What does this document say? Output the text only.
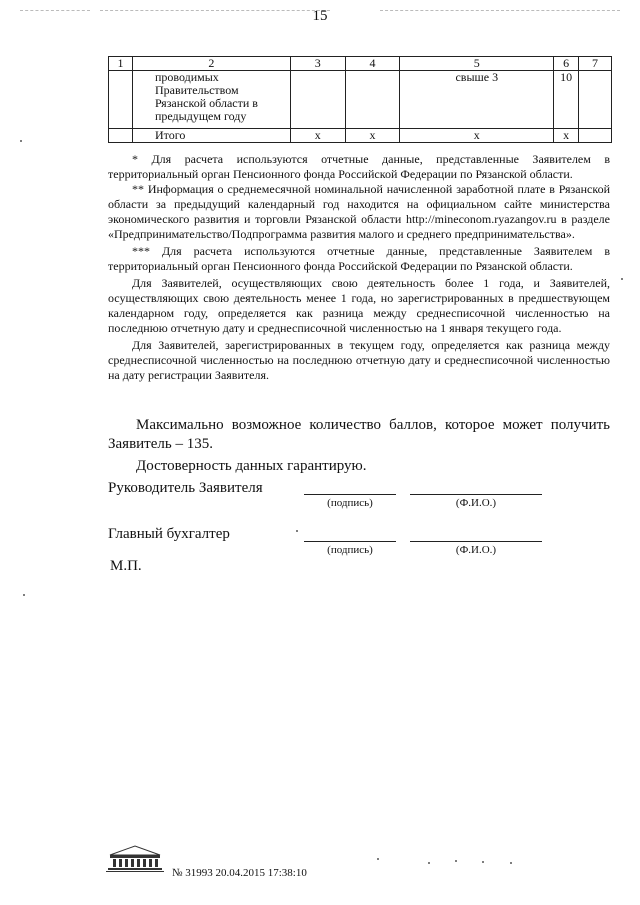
15
1	2	3	4	5	6	7
	проводимых Правительством Рязанской области в предыдущем году			свыше 3	10	
	Итого	х	х	х	х	

* Для расчета используются отчетные данные, представленные Заявителем в территориальный орган Пенсионного фонда Российской Федерации по Рязанской области.

** Информация о среднемесячной номинальной начисленной заработной плате в Рязанской области за предыдущий календарный год находится на официальном сайте министерства экономического развития и торговли Рязанской области http://mineconom.ryazangov.ru в разделе «Предпринимательство/Подпрограмма развития малого и среднего предпринимательства».

*** Для расчета используются отчетные данные, представленные Заявителем в территориальный орган Пенсионного фонда Российской Федерации по Рязанской области.

Для Заявителей, осуществляющих свою деятельность более 1 года, и Заявителей, осуществляющих свою деятельность менее 1 года, но зарегистрированных в предшествующем календарном году, определяется как разница между среднесписочной численностью на последнюю отчетную дату и среднесписочной численностью на 1 января текущего года.

Для Заявителей, зарегистрированных в текущем году, определяется как разница между среднесписочной численностью на последнюю отчетную дату и среднесписочной численностью на дату регистрации Заявителя.

Максимально возможное количество баллов, которое может получить Заявитель – 135.

Достоверность данных гарантирую.

Руководитель Заявителя
(подпись)	(Ф.И.О.)
Главный бухгалтер
(подпись)	(Ф.И.О.)
М.П.
№ 31993 20.04.2015 17:38:10
